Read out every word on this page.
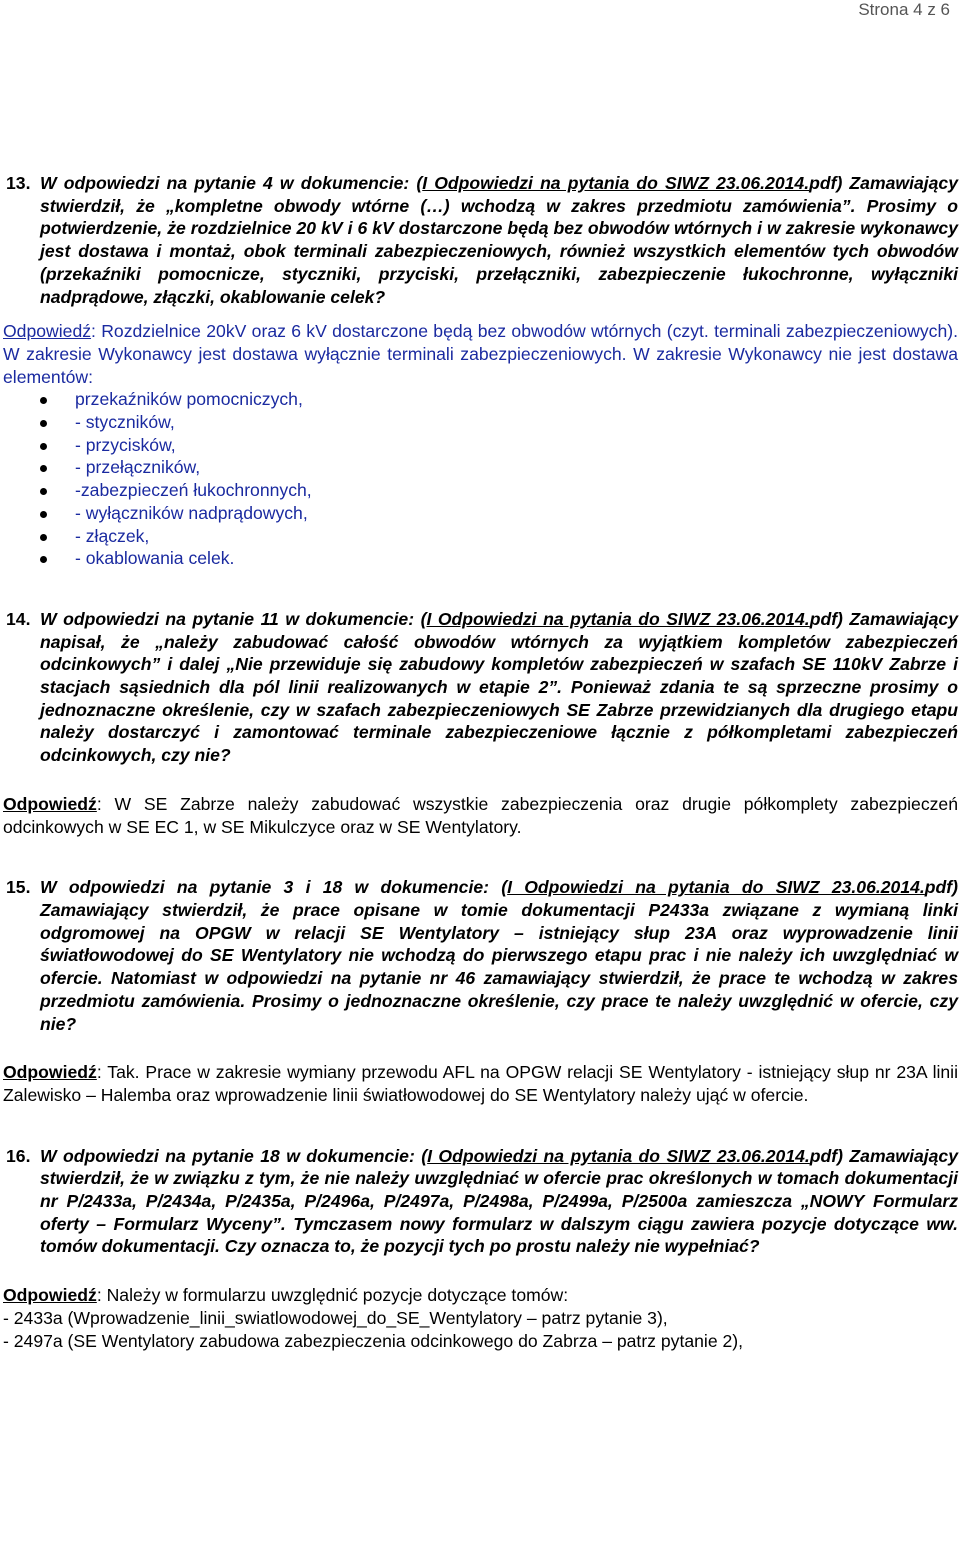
Strona 4 z 6

13. W odpowiedzi na pytanie 4 w dokumencie: (I Odpowiedzi na pytania do SIWZ 23.06.2014.pdf) Zamawiający stwierdził, że „kompletne obwody wtórne (…) wchodzą w zakres przedmiotu zamówienia”. Prosimy o potwierdzenie, że rozdzielnice 20 kV i 6 kV dostarczone będą bez obwodów wtórnych i w zakresie wykonawcy jest dostawa i montaż, obok terminali zabezpieczeniowych, również wszystkich elementów tych obwodów (przekaźniki pomocnicze, styczniki, przyciski, przełączniki, zabezpieczenie łukochronne, wyłączniki nadprądowe, złączki, okablowanie celek?

Odpowiedź: Rozdzielnice 20kV oraz 6 kV dostarczone będą bez obwodów wtórnych (czyt. terminali zabezpieczeniowych). W zakresie Wykonawcy jest dostawa wyłącznie terminali zabezpieczeniowych. W zakresie Wykonawcy nie jest dostawa elementów:

przekaźników pomocniczych,
- styczników,
- przycisków,
- przełączników,
-zabezpieczeń łukochronnych,
- wyłączników nadprądowych,
- złączek,
- okablowania celek.

14. W odpowiedzi na pytanie 11 w dokumencie: (I Odpowiedzi na pytania do SIWZ 23.06.2014.pdf) Zamawiający napisał, że „należy zabudować całość obwodów wtórnych za wyjątkiem kompletów zabezpieczeń odcinkowych” i dalej „Nie przewiduje się zabudowy kompletów zabezpieczeń w szafach SE 110kV Zabrze i stacjach sąsiednich dla pól linii realizowanych w etapie 2”. Ponieważ zdania te są sprzeczne prosimy o jednoznaczne określenie, czy w szafach zabezpieczeniowych SE Zabrze przewidzianych dla drugiego etapu należy dostarczyć i zamontować terminale zabezpieczeniowe łącznie z półkompletami zabezpieczeń odcinkowych, czy nie?

Odpowiedź: W SE Zabrze należy zabudować wszystkie zabezpieczenia oraz drugie półkomplety zabezpieczeń odcinkowych w SE EC 1, w SE Mikulczyce oraz w SE Wentylatory.

15. W odpowiedzi na pytanie 3 i 18 w dokumencie: (I Odpowiedzi na pytania do SIWZ 23.06.2014.pdf) Zamawiający stwierdził, że prace opisane w tomie dokumentacji P2433a związane z wymianą linki odgromowej na OPGW w relacji SE Wentylatory – istniejący słup 23A oraz wyprowadzenie linii światłowodowej do SE Wentylatory nie wchodzą do pierwszego etapu prac i nie należy ich uwzględniać w ofercie. Natomiast w odpowiedzi na pytanie nr 46 zamawiający stwierdził, że prace te wchodzą w zakres przedmiotu zamówienia. Prosimy o jednoznaczne określenie, czy prace te należy uwzględnić w ofercie, czy nie?

Odpowiedź: Tak. Prace w zakresie wymiany przewodu AFL na OPGW relacji SE Wentylatory - istniejący słup nr 23A linii Zalewisko – Halemba oraz wprowadzenie linii światłowodowej do SE Wentylatory należy ująć w ofercie.

16. W odpowiedzi na pytanie 18 w dokumencie: (I Odpowiedzi na pytania do SIWZ 23.06.2014.pdf) Zamawiający stwierdził, że w związku z tym, że nie należy uwzględniać w ofercie prac określonych w tomach dokumentacji nr P/2433a, P/2434a, P/2435a, P/2496a, P/2497a, P/2498a, P/2499a, P/2500a zamieszcza „NOWY Formularz oferty – Formularz Wyceny”. Tymczasem nowy formularz w dalszym ciągu zawiera pozycje dotyczące ww. tomów dokumentacji. Czy oznacza to, że pozycji tych po prostu należy nie wypełniać?

Odpowiedź: Należy w formularzu uwzględnić pozycje dotyczące tomów:
- 2433a (Wprowadzenie_linii_swiatlowodowej_do_SE_Wentylatory – patrz pytanie 3),
- 2497a (SE Wentylatory zabudowa zabezpieczenia odcinkowego do Zabrza – patrz pytanie 2),
